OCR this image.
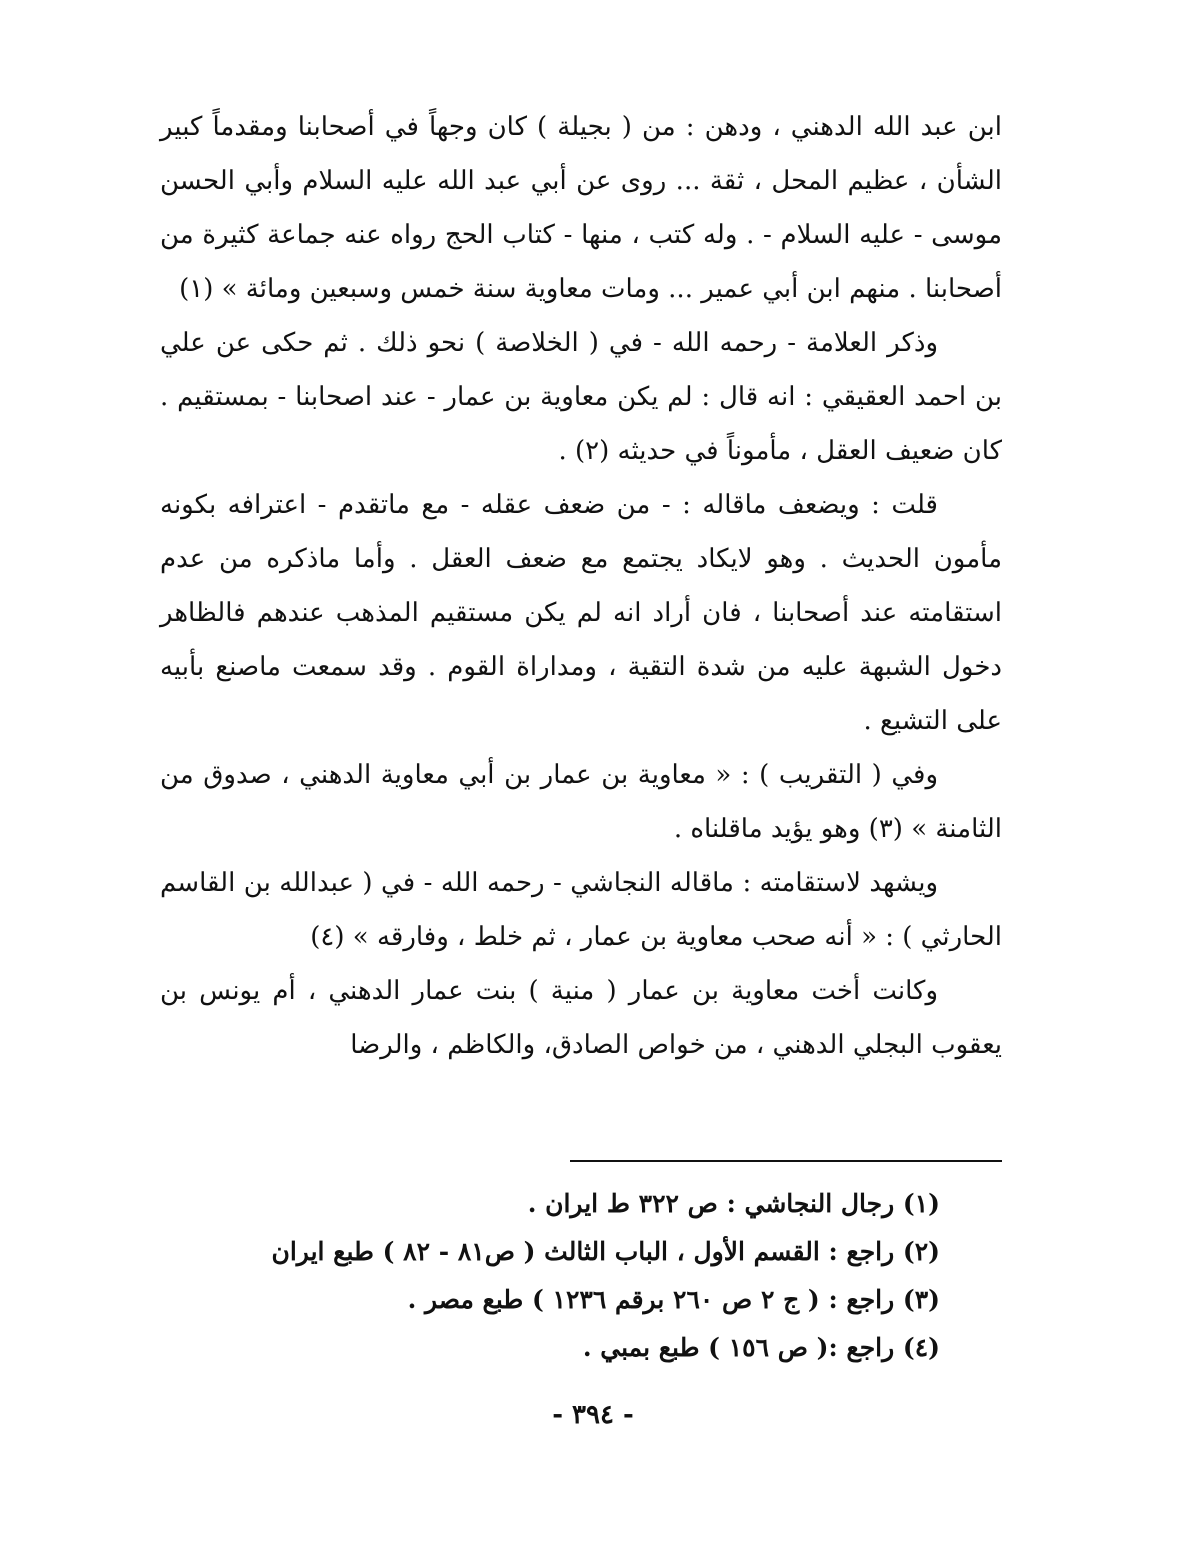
ابن عبد الله الدهني ، ودهن : من ( بجيلة ) كان وجهاً في أصحابنا ومقدماً كبير الشأن ، عظيم المحل ، ثقة ... روى عن أبي عبد الله عليه السلام وأبي الحسن موسى - عليه السلام - . وله كتب ، منها - كتاب الحج رواه عنه جماعة كثيرة من أصحابنا . منهم ابن أبي عمير ... ومات معاوية سنة خمس وسبعين ومائة » (١)

وذكر العلامة - رحمه الله - في ( الخلاصة ) نحو ذلك . ثم حكى عن علي بن احمد العقيقي : انه قال : لم يكن معاوية بن عمار - عند اصحابنا - بمستقيم . كان ضعيف العقل ، مأموناً في حديثه (٢) .

قلت : ويضعف ماقاله : - من ضعف عقله - مع ماتقدم - اعترافه بكونه مأمون الحديث . وهو لايكاد يجتمع مع ضعف العقل . وأما ماذكره من عدم استقامته عند أصحابنا ، فان أراد انه لم يكن مستقيم المذهب عندهم فالظاهر دخول الشبهة عليه من شدة التقية ، ومداراة القوم . وقد سمعت ماصنع بأبيه على التشيع .

وفي ( التقريب ) : « معاوية بن عمار بن أبي معاوية الدهني ، صدوق من الثامنة » (٣) وهو يؤيد ماقلناه .

ويشهد لاستقامته : ماقاله النجاشي - رحمه الله - في ( عبدالله بن القاسم الحارثي ) : « أنه صحب معاوية بن عمار ، ثم خلط ، وفارقه » (٤)

وكانت أخت معاوية بن عمار ( منية ) بنت عمار الدهني ، أم يونس بن يعقوب البجلي الدهني ، من خواص الصادق، والكاظم ، والرضا

(١) رجال النجاشي : ص ٣٢٢ ط ايران .

(٢) راجع : القسم الأول ، الباب الثالث ( ص٨١ - ٨٢ ) طبع ايران

(٣) راجع : ( ج ٢ ص ٢٦٠ برقم ١٢٣٦ ) طبع مصر .

(٤) راجع :( ص ١٥٦ ) طبع بمبي .

- ٣٩٤ -
